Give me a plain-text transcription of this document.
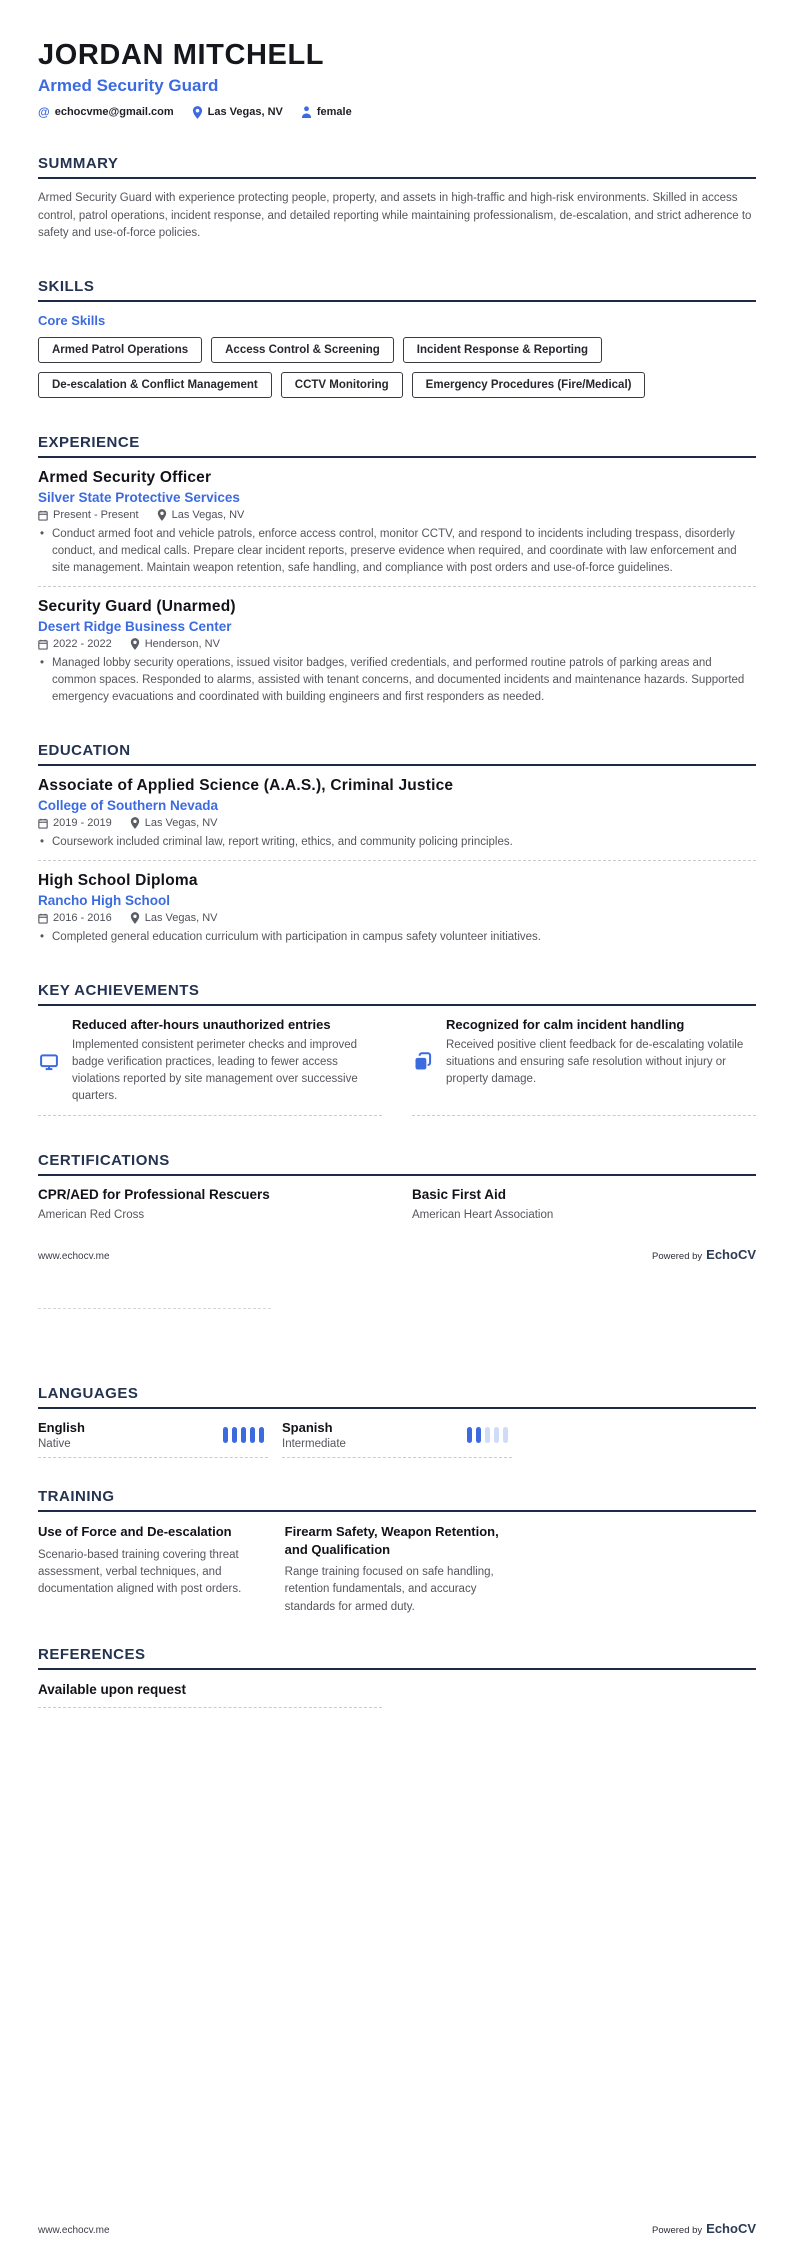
JORDAN MITCHELL
Armed Security Guard
@ echocvme@gmail.com	Las Vegas, NV	female
SUMMARY

Armed Security Guard with experience protecting people, property, and assets in high-traffic and high-risk environments. Skilled in access control, patrol operations, incident response, and detailed reporting while maintaining professionalism, de-escalation, and strict adherence to safety and use-of-force policies.

SKILLS
Core Skills
Armed Patrol Operations	Access Control & Screening	Incident Response & Reporting
De-escalation & Conflict Management	CCTV Monitoring	Emergency Procedures (Fire/Medical)
EXPERIENCE
Armed Security Officer
Silver State Protective Services
Present - Present	Las Vegas, NV
• Conduct armed foot and vehicle patrols, enforce access control, monitor CCTV, and respond to incidents including trespass, disorderly conduct, and medical calls. Prepare clear incident reports, preserve evidence when required, and coordinate with law enforcement and site management. Maintain weapon retention, safe handling, and compliance with post orders and use-of-force guidelines.
Security Guard (Unarmed)
Desert Ridge Business Center
2022 - 2022	Henderson, NV
• Managed lobby security operations, issued visitor badges, verified credentials, and performed routine patrols of parking areas and common spaces. Responded to alarms, assisted with tenant concerns, and documented incidents and maintenance hazards. Supported emergency evacuations and coordinated with building engineers and first responders as needed.
EDUCATION
Associate of Applied Science (A.A.S.), Criminal Justice
College of Southern Nevada
2019 - 2019	Las Vegas, NV
• Coursework included criminal law, report writing, ethics, and community policing principles.
High School Diploma
Rancho High School
2016 - 2016	Las Vegas, NV
• Completed general education curriculum with participation in campus safety volunteer initiatives.
KEY ACHIEVEMENTS
Reduced after-hours unauthorized entries
Implemented consistent perimeter checks and improved badge verification practices, leading to fewer access violations reported by site management over successive quarters.
Recognized for calm incident handling
Received positive client feedback for de-escalating volatile situations and ensuring safe resolution without injury or property damage.
CERTIFICATIONS
CPR/AED for Professional Rescuers
American Red Cross
Basic First Aid
American Heart Association
www.echocv.me	Powered by EchoCV
LANGUAGES
English
Native
Spanish
Intermediate
TRAINING
Use of Force and De-escalation
Scenario-based training covering threat assessment, verbal techniques, and documentation aligned with post orders.
Firearm Safety, Weapon Retention, and Qualification
Range training focused on safe handling, retention fundamentals, and accuracy standards for armed duty.
REFERENCES
Available upon request
www.echocv.me	Powered by EchoCV
